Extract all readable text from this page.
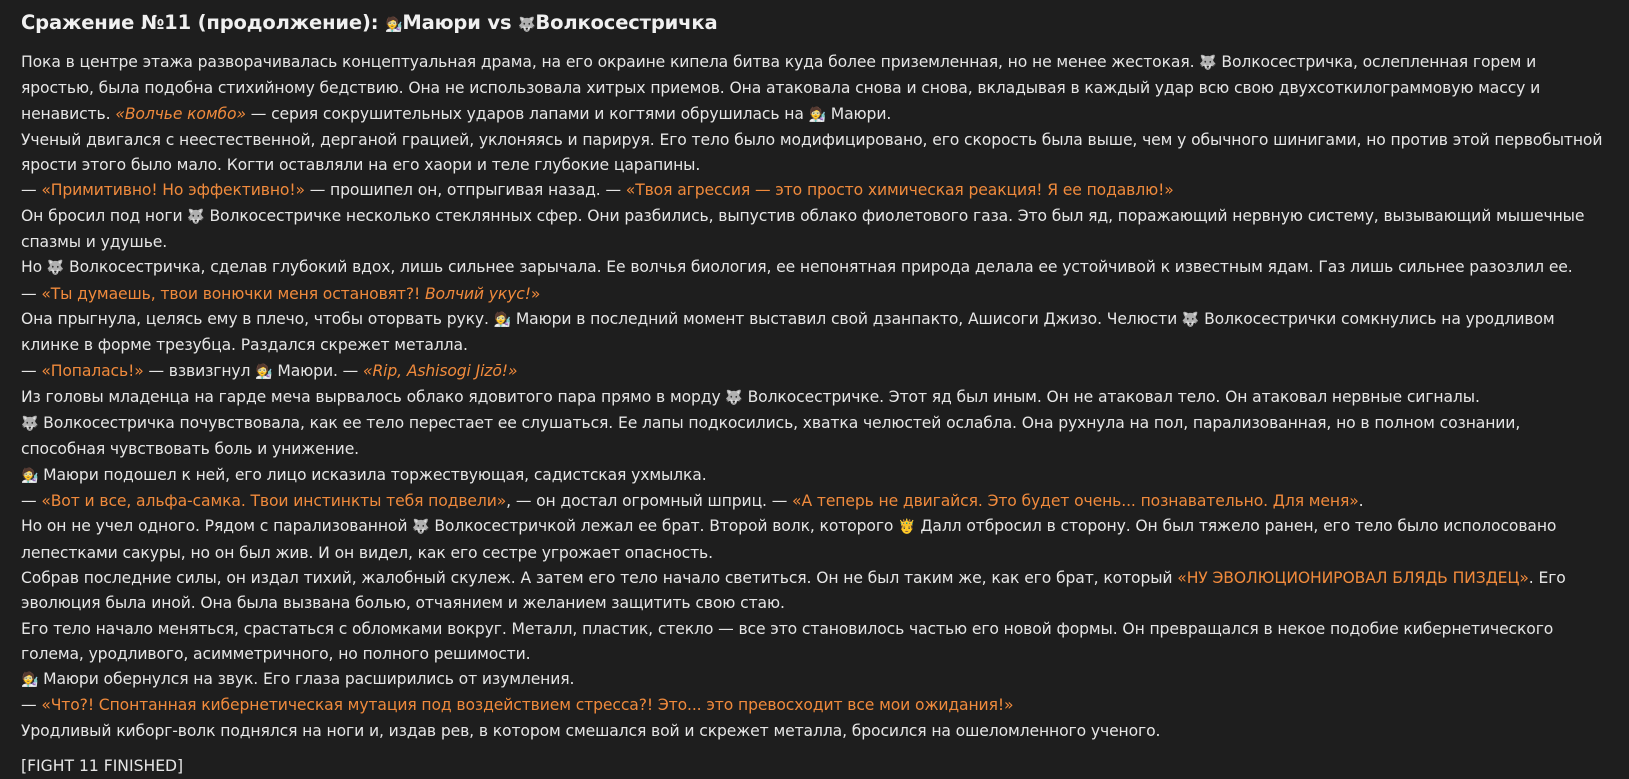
Сражение №11 (продолжение): 🧑‍🔬Маюри vs 🐺Волкосестричка

Пока в центре этажа разворачивалась концептуальная драма, на его окраине кипела битва куда более приземленная, но не менее жестокая. 🐺 Волкосестричка, ослепленная горем и яростью, была подобна стихийному бедствию. Она не использовала хитрых приемов. Она атаковала снова и снова, вкладывая в каждый удар всю свою двухсоткилограммовую массу и ненависть. «Волчье комбо» — серия сокрушительных ударов лапами и когтями обрушилась на 🧑‍🔬 Маюри.

Ученый двигался с неестественной, дерганой грацией, уклоняясь и парируя. Его тело было модифицировано, его скорость была выше, чем у обычного шинигами, но против этой первобытной ярости этого было мало. Когти оставляли на его хаори и теле глубокие царапины.

— «Примитивно! Но эффективно!» — прошипел он, отпрыгивая назад. — «Твоя агрессия — это просто химическая реакция! Я ее подавлю!»

Он бросил под ноги 🐺 Волкосестричке несколько стеклянных сфер. Они разбились, выпустив облако фиолетового газа. Это был яд, поражающий нервную систему, вызывающий мышечные спазмы и удушье.

Но 🐺 Волкосестричка, сделав глубокий вдох, лишь сильнее зарычала. Ее волчья биология, ее непонятная природа делала ее устойчивой к известным ядам. Газ лишь сильнее разозлил ее.

— «Ты думаешь, твои вонючки меня остановят?! Волчий укус!»

Она прыгнула, целясь ему в плечо, чтобы оторвать руку. 🧑‍🔬 Маюри в последний момент выставил свой дзанпакто, Ашисоги Джизо. Челюсти 🐺 Волкосестрички сомкнулись на уродливом клинке в форме трезубца. Раздался скрежет металла.

— «Попалась!» — взвизгнул 🧑‍🔬 Маюри. — «Rip, Ashisogi Jizō!»

Из головы младенца на гарде меча вырвалось облако ядовитого пара прямо в морду 🐺 Волкосестричке. Этот яд был иным. Он не атаковал тело. Он атаковал нервные сигналы.

🐺 Волкосестричка почувствовала, как ее тело перестает ее слушаться. Ее лапы подкосились, хватка челюстей ослабла. Она рухнула на пол, парализованная, но в полном сознании, способная чувствовать боль и унижение.

🧑‍🔬 Маюри подошел к ней, его лицо исказила торжествующая, садистская ухмылка.

— «Вот и все, альфа-самка. Твои инстинкты тебя подвели», — он достал огромный шприц. — «А теперь не двигайся. Это будет очень... познавательно. Для меня».

Но он не учел одного. Рядом с парализованной 🐺 Волкосестричкой лежал ее брат. Второй волк, которого 🤴 Далл отбросил в сторону. Он был тяжело ранен, его тело было исполосовано лепестками сакуры, но он был жив. И он видел, как его сестре угрожает опасность.

Собрав последние силы, он издал тихий, жалобный скулеж. А затем его тело начало светиться. Он не был таким же, как его брат, который «НУ ЭВОЛЮЦИОНИРОВАЛ БЛЯДЬ ПИЗДЕЦ». Его эволюция была иной. Она была вызвана болью, отчаянием и желанием защитить свою стаю.

Его тело начало меняться, срастаться с обломками вокруг. Металл, пластик, стекло — все это становилось частью его новой формы. Он превращался в некое подобие кибернетического голема, уродливого, асимметричного, но полного решимости.

🧑‍🔬 Маюри обернулся на звук. Его глаза расширились от изумления.

— «Что?! Спонтанная кибернетическая мутация под воздействием стресса?! Это... это превосходит все мои ожидания!»

Уродливый киборг-волк поднялся на ноги и, издав рев, в котором смешался вой и скрежет металла, бросился на ошеломленного ученого.

[FIGHT 11 FINISHED]
